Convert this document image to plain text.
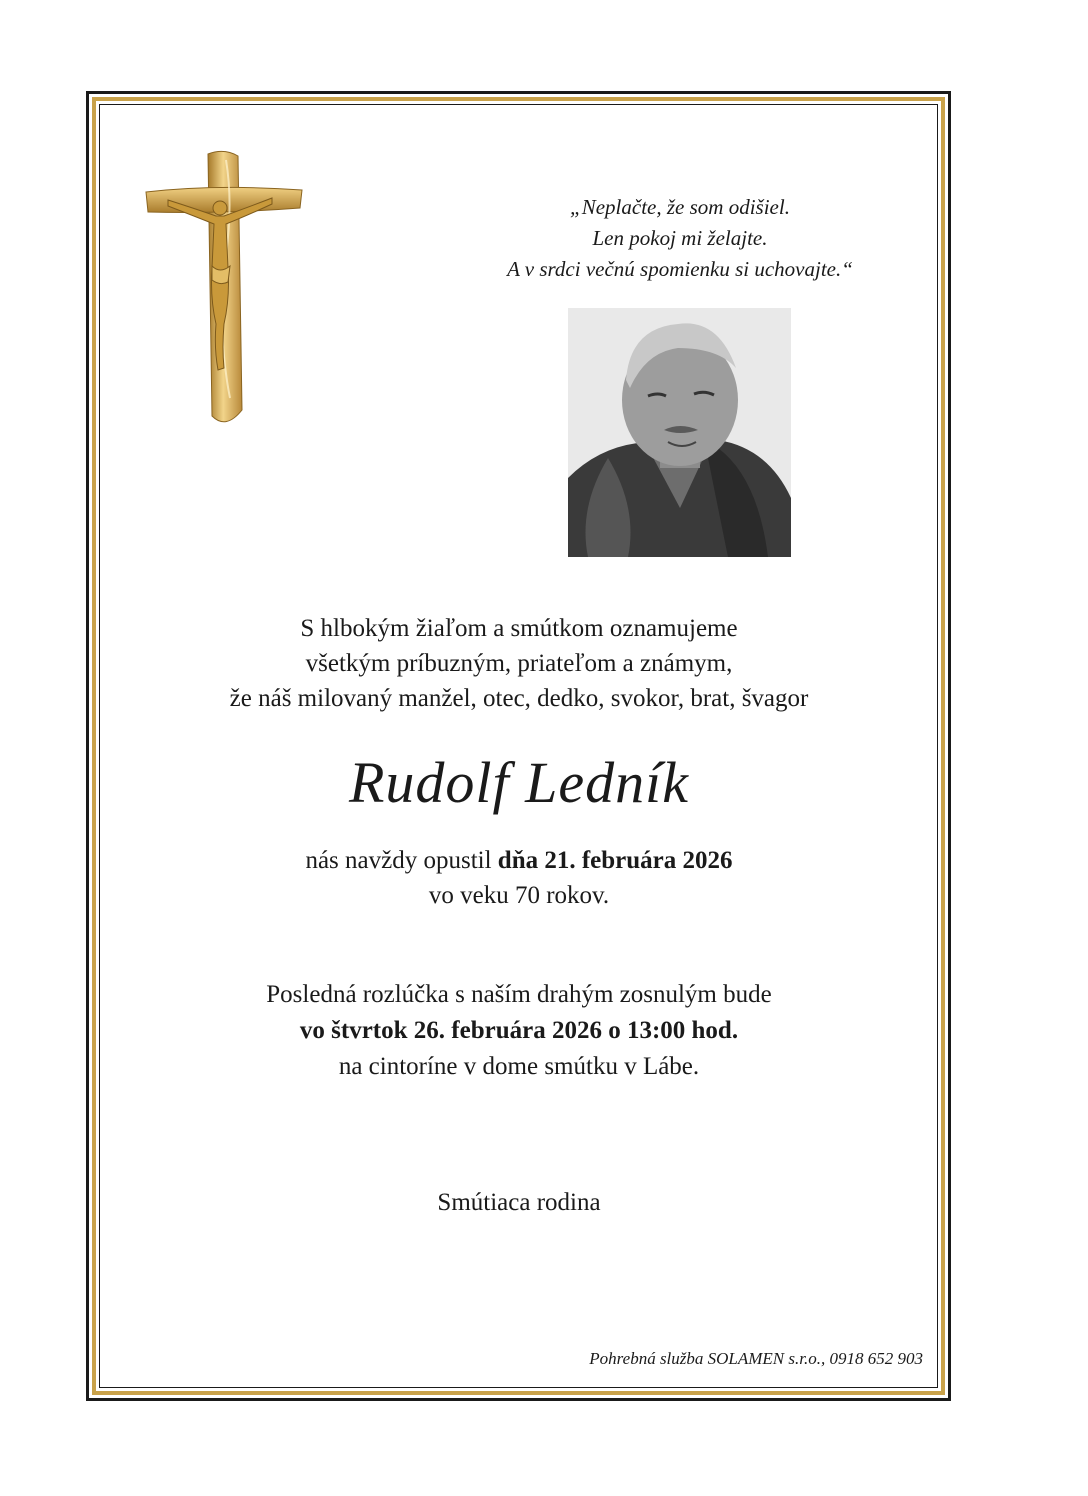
„Neplačte, že som odišiel.
Len pokoj mi želajte.
A v srdci večnú spomienku si uchovajte.“
S hlbokým žiaľom a smútkom oznamujeme
všetkým príbuzným, priateľom a známym,
že náš milovaný manžel, otec, dedko, svokor, brat, švagor
Rudolf Ledník
nás navždy opustil dňa 21. februára 2026
vo veku 70 rokov.
Posledná rozlúčka s naším drahým zosnulým bude
vo štvrtok 26. februára 2026 o 13:00 hod.
na cintoríne v dome smútku v Lábe.
Smútiaca rodina
Pohrebná služba SOLAMEN s.r.o., 0918 652 903
